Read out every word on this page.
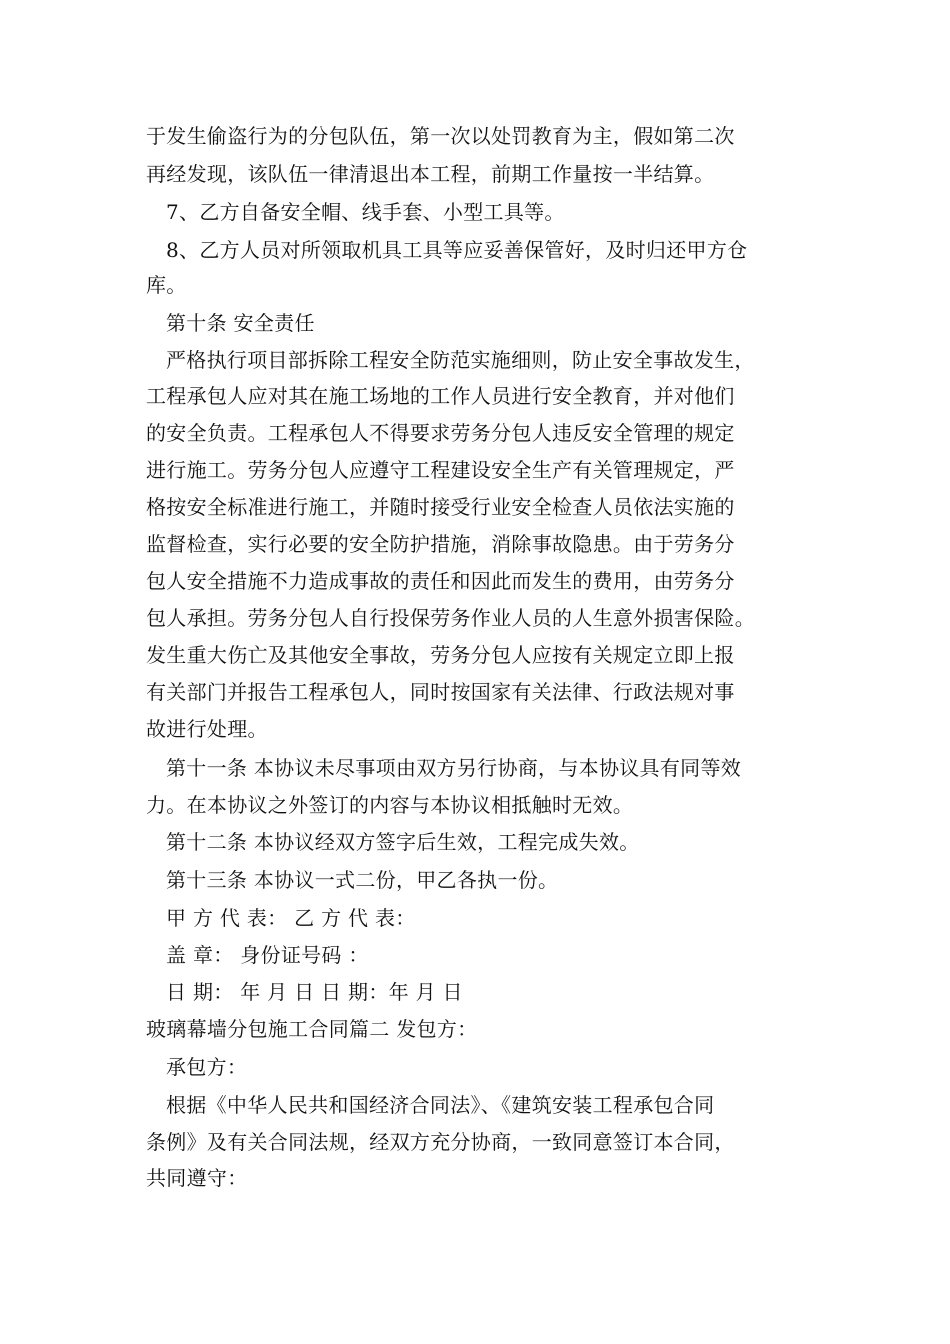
于发生偷盗行为的分包队伍，第一次以处罚教育为主，假如第二次
再经发现，该队伍一律清退出本工程，前期工作量按一半结算。
7、乙方自备安全帽、线手套、小型工具等。
8、乙方人员对所领取机具工具等应妥善保管好，及时归还甲方仓
库。
第十条 安全责任
严格执行项目部拆除工程安全防范实施细则，防止安全事故发生，
工程承包人应对其在施工场地的工作人员进行安全教育，并对他们
的安全负责。工程承包人不得要求劳务分包人违反安全管理的规定
进行施工。劳务分包人应遵守工程建设安全生产有关管理规定，严
格按安全标准进行施工，并随时接受行业安全检查人员依法实施的
监督检查，实行必要的安全防护措施，消除事故隐患。由于劳务分
包人安全措施不力造成事故的责任和因此而发生的费用，由劳务分
包人承担。劳务分包人自行投保劳务作业人员的人生意外损害保险。
发生重大伤亡及其他安全事故，劳务分包人应按有关规定立即上报
有关部门并报告工程承包人，同时按国家有关法律、行政法规对事
故进行处理。
第十一条 本协议未尽事项由双方另行协商，与本协议具有同等效
力。在本协议之外签订的内容与本协议相抵触时无效。
第十二条 本协议经双方签字后生效，工程完成失效。
第十三条 本协议一式二份，甲乙各执一份。
甲 方 代 表： 乙 方 代 表：
盖 章： 身份证号码 ：
日 期： 年 月 日 日 期：年 月 日
玻璃幕墙分包施工合同篇二 发包方：
承包方：
根据《中华人民共和国经济合同法》、《建筑安装工程承包合同
条例》及有关合同法规，经双方充分协商，一致同意签订本合同，
共同遵守：
